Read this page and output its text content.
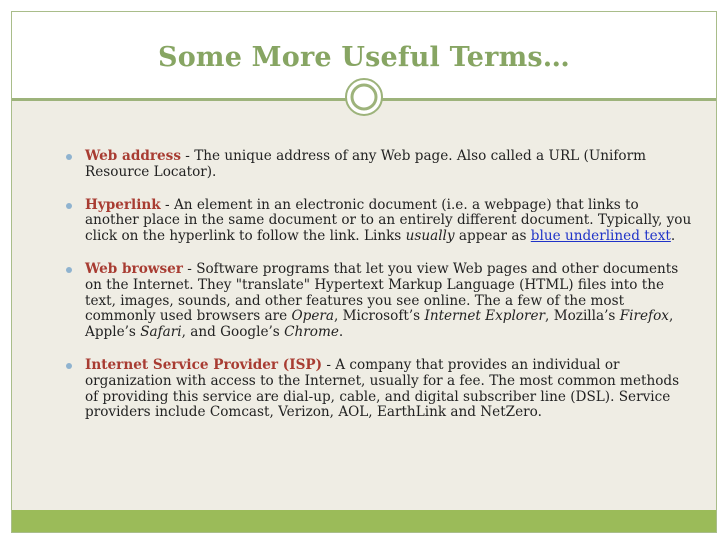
Some More Useful Terms…
Web address - The unique address of any Web page. Also called a URL (Uniform Resource Locator).
Hyperlink - An element in an electronic document (i.e. a webpage) that links to another place in the same document or to an entirely different document. Typically, you click on the hyperlink to follow the link. Links usually appear as blue underlined text.
Web browser - Software programs that let you view Web pages and other documents on the Internet. They "translate" Hypertext Markup Language (HTML) files into the text, images, sounds, and other features you see online. The a few of the most commonly used browsers are Opera, Microsoft’s Internet Explorer, Mozilla’s Firefox, Apple’s Safari, and Google’s Chrome.
Internet Service Provider (ISP) - A company that provides an individual or organization with access to the Internet, usually for a fee. The most common methods of providing this service are dial-up, cable, and digital subscriber line (DSL). Service providers include Comcast, Verizon, AOL, EarthLink and NetZero.
